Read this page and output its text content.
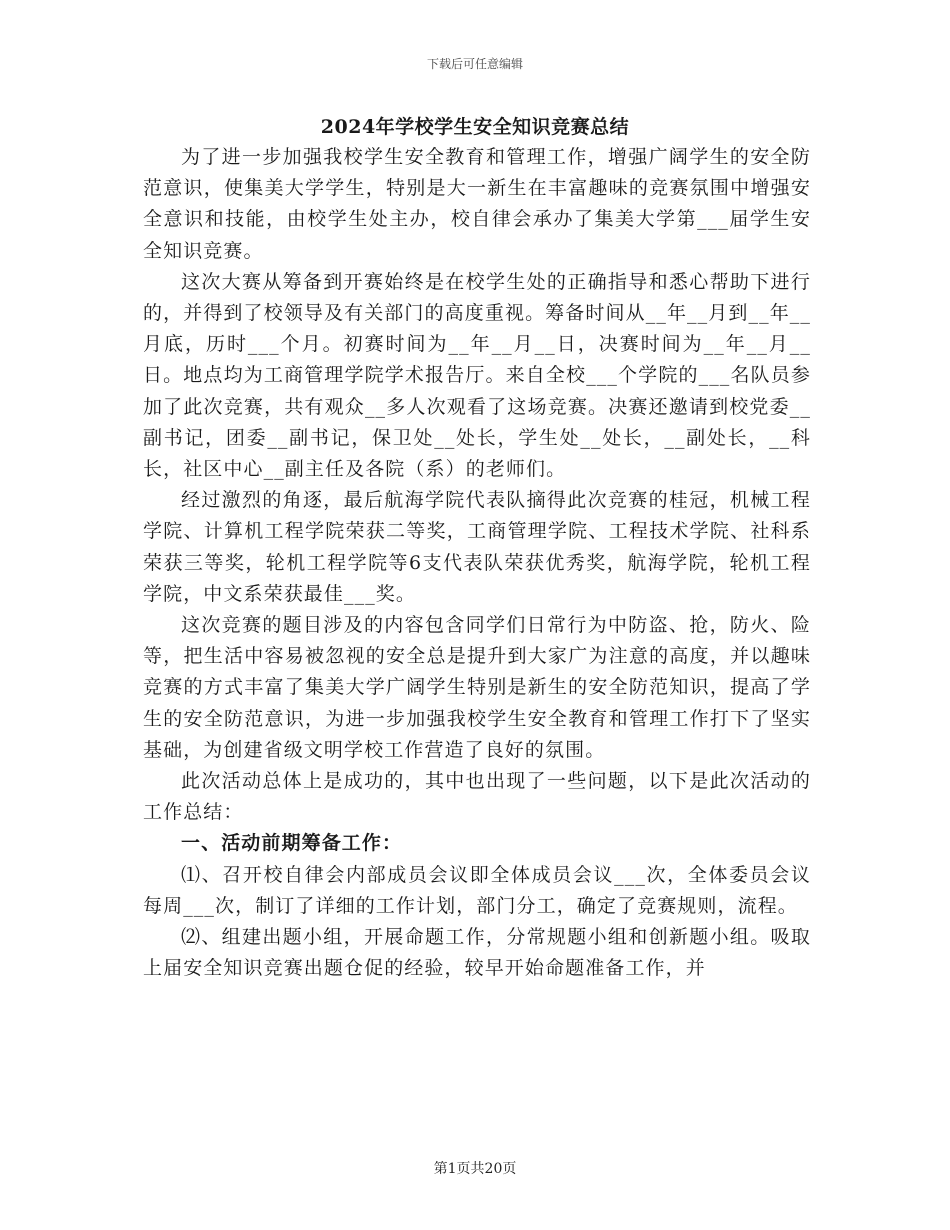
下载后可任意编辑
2024年学校学生安全知识竞赛总结

为了进一步加强我校学生安全教育和管理工作，增强广阔学生的安全防范意识，使集美大学学生，特别是大一新生在丰富趣味的竞赛氛围中增强安全意识和技能，由校学生处主办，校自律会承办了集美大学第___届学生安全知识竞赛。

这次大赛从筹备到开赛始终是在校学生处的正确指导和悉心帮助下进行的，并得到了校领导及有关部门的高度重视。筹备时间从__年__月到__年__月底，历时___个月。初赛时间为__年__月__日，决赛时间为__年__月__日。地点均为工商管理学院学术报告厅。来自全校___个学院的___名队员参加了此次竞赛，共有观众__多人次观看了这场竞赛。决赛还邀请到校党委__副书记，团委__副书记，保卫处__处长，学生处__处长，__副处长，__科长，社区中心__副主任及各院（系）的老师们。

经过激烈的角逐，最后航海学院代表队摘得此次竞赛的桂冠，机械工程学院、计算机工程学院荣获二等奖，工商管理学院、工程技术学院、社科系荣获三等奖，轮机工程学院等6支代表队荣获优秀奖，航海学院，轮机工程学院，中文系荣获最佳___奖。

这次竞赛的题目涉及的内容包含同学们日常行为中防盗、抢，防火、险等，把生活中容易被忽视的安全总是提升到大家广为注意的高度，并以趣味竞赛的方式丰富了集美大学广阔学生特别是新生的安全防范知识，提高了学生的安全防范意识，为进一步加强我校学生安全教育和管理工作打下了坚实基础，为创建省级文明学校工作营造了良好的氛围。

此次活动总体上是成功的，其中也出现了一些问题，以下是此次活动的工作总结：

一、活动前期筹备工作：

⑴、召开校自律会内部成员会议即全体成员会议___次，全体委员会议每周___次，制订了详细的工作计划，部门分工，确定了竞赛规则，流程。

⑵、组建出题小组，开展命题工作，分常规题小组和创新题小组。吸取上届安全知识竞赛出题仓促的经验，较早开始命题准备工作，并

第1页共20页
